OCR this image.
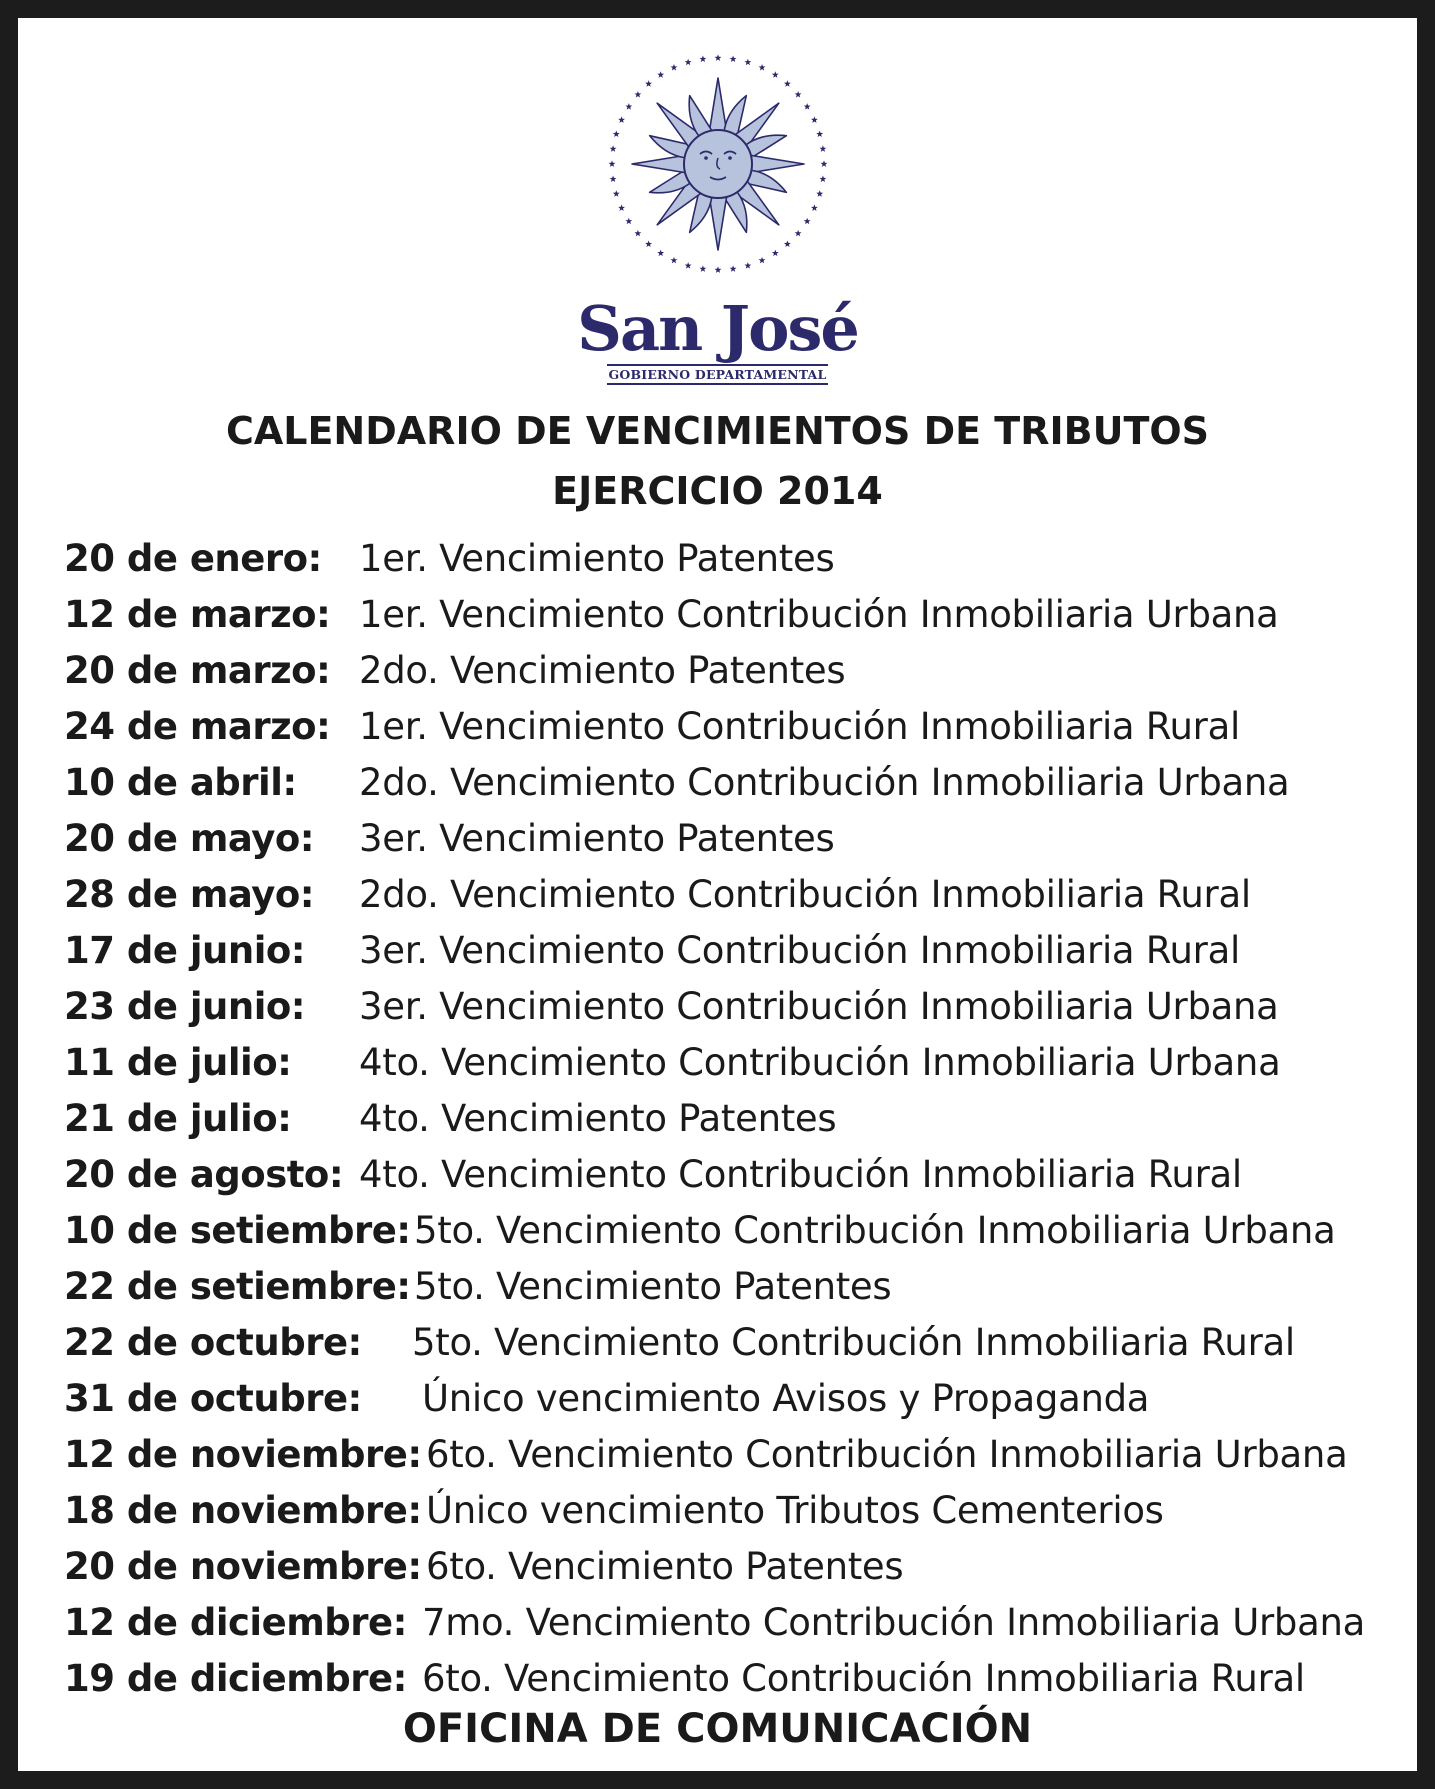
San José
GOBIERNO DEPARTAMENTAL
CALENDARIO DE VENCIMIENTOS DE TRIBUTOS
EJERCICIO 2014
20 de enero: 1er. Vencimiento Patentes
12 de marzo: 1er. Vencimiento Contribución Inmobiliaria Urbana
20 de marzo: 2do. Vencimiento Patentes
24 de marzo: 1er. Vencimiento Contribución Inmobiliaria Rural
10 de abril: 2do. Vencimiento Contribución Inmobiliaria Urbana
20 de mayo: 3er. Vencimiento Patentes
28 de mayo: 2do. Vencimiento Contribución Inmobiliaria Rural
17 de junio: 3er. Vencimiento Contribución Inmobiliaria Rural
23 de junio: 3er. Vencimiento Contribución Inmobiliaria Urbana
11 de julio: 4to. Vencimiento Contribución Inmobiliaria Urbana
21 de julio: 4to. Vencimiento Patentes
20 de agosto: 4to. Vencimiento Contribución Inmobiliaria Rural
10 de setiembre: 5to. Vencimiento Contribución Inmobiliaria Urbana
22 de setiembre: 5to. Vencimiento Patentes
22 de octubre: 5to. Vencimiento Contribución Inmobiliaria Rural
31 de octubre: Único vencimiento Avisos y Propaganda
12 de noviembre: 6to. Vencimiento Contribución Inmobiliaria Urbana
18 de noviembre: Único vencimiento Tributos Cementerios
20 de noviembre: 6to. Vencimiento Patentes
12 de diciembre: 7mo. Vencimiento Contribución Inmobiliaria Urbana
19 de diciembre: 6to. Vencimiento Contribución Inmobiliaria Rural
OFICINA DE COMUNICACIÓN
